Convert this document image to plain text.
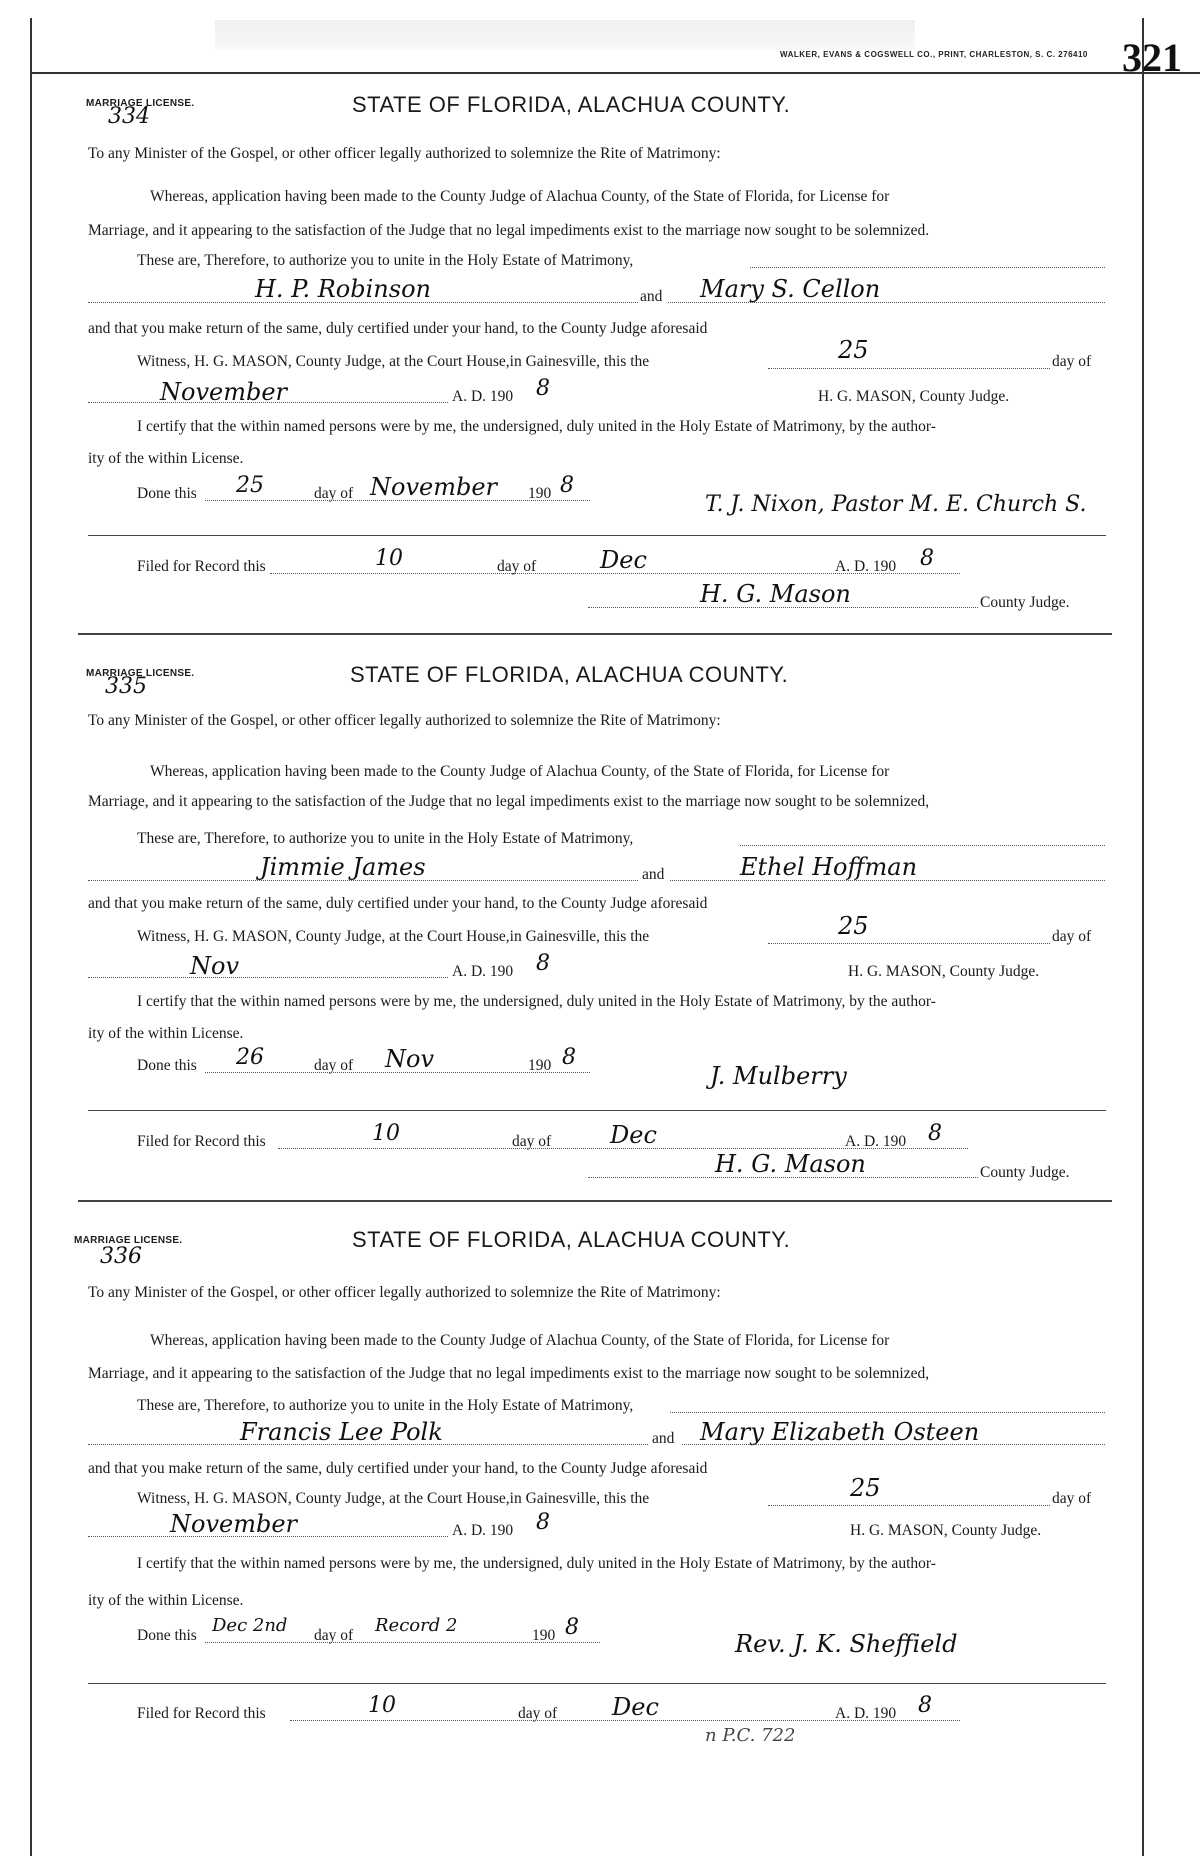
WALKER, EVANS & COGSWELL CO., PRINT, CHARLESTON, S. C. 276410 321
MARRIAGE LICENSE.
334	STATE OF FLORIDA, ALACHUA COUNTY.
To any Minister of the Gospel, or other officer legally authorized to solemnize the Rite of Matrimony:
Whereas, application having been made to the County Judge of Alachua County, of the State of Florida, for License for
Marriage, and it appearing to the satisfaction of the Judge that no legal impediments exist to the marriage now sought to be solemnized.
These are, Therefore, to authorize you to unite in the Holy Estate of Matrimony,
H. P. Robinson	and Mary S. Cellon
and that you make return of the same, duly certified under your hand, to the County Judge aforesaid
Witness, H. G. MASON, County Judge, at the Court House,in Gainesville, this the	25	day of
November	A. D. 190 8	H. G. MASON, County Judge.
I certify that the within named persons were by me, the undersigned, duly united in the Holy Estate of Matrimony, by the author-
ity of the within License.
Done this 25	day of November 190 8
T. J. Nixon, Pastor M. E. Church S.
Filed for Record this	10	day of	Dec	A. D. 190 8
H. G. Mason	County Judge.
MARRIAGE LICENSE.
335	STATE OF FLORIDA, ALACHUA COUNTY.
To any Minister of the Gospel, or other officer legally authorized to solemnize the Rite of Matrimony:
Whereas, application having been made to the County Judge of Alachua County, of the State of Florida, for License for
Marriage, and it appearing to the satisfaction of the Judge that no legal impediments exist to the marriage now sought to be solemnized,
These are, Therefore, to authorize you to unite in the Holy Estate of Matrimony,
Jimmie James	and	Ethel Hoffman
and that you make return of the same, duly certified under your hand, to the County Judge aforesaid
Witness, H. G. MASON, County Judge, at the Court House,in Gainesville, this the	25	day of
Nov	A. D. 190 8	H. G. MASON, County Judge.
I certify that the within named persons were by me, the undersigned, duly united in the Holy Estate of Matrimony, by the author-
ity of the within License.
Done this 26	day of Nov	190 8
J. Mulberry
Filed for Record this	10	day of Dec	A. D. 190 8
H. G. Mason	County Judge.
MARRIAGE LICENSE.
336
STATE OF FLORIDA, ALACHUA COUNTY.
To any Minister of the Gospel, or other officer legally authorized to solemnize the Rite of Matrimony:
Whereas, application having been made to the County Judge of Alachua County, of the State of Florida, for License for
Marriage, and it appearing to the satisfaction of the Judge that no legal impediments exist to the marriage now sought to be solemnized,
These are, Therefore, to authorize you to unite in the Holy Estate of Matrimony,
Francis Lee Polk	and Mary Elizabeth Osteen
and that you make return of the same, duly certified under your hand, to the County Judge aforesaid
Witness, H. G. MASON, County Judge, at the Court House,in Gainesville, this the	25	day of
November	A. D. 190 8	H. G. MASON, County Judge.
I certify that the within named persons were by me, the undersigned, duly united in the Holy Estate of Matrimony, by the author-
ity of the within License.
Done this Dec 2nd day of Record 2	190 8
Rev. J. K. Sheffield
Filed for Record this	10	day of Dec	A. D. 190 8
n P.C. 722
